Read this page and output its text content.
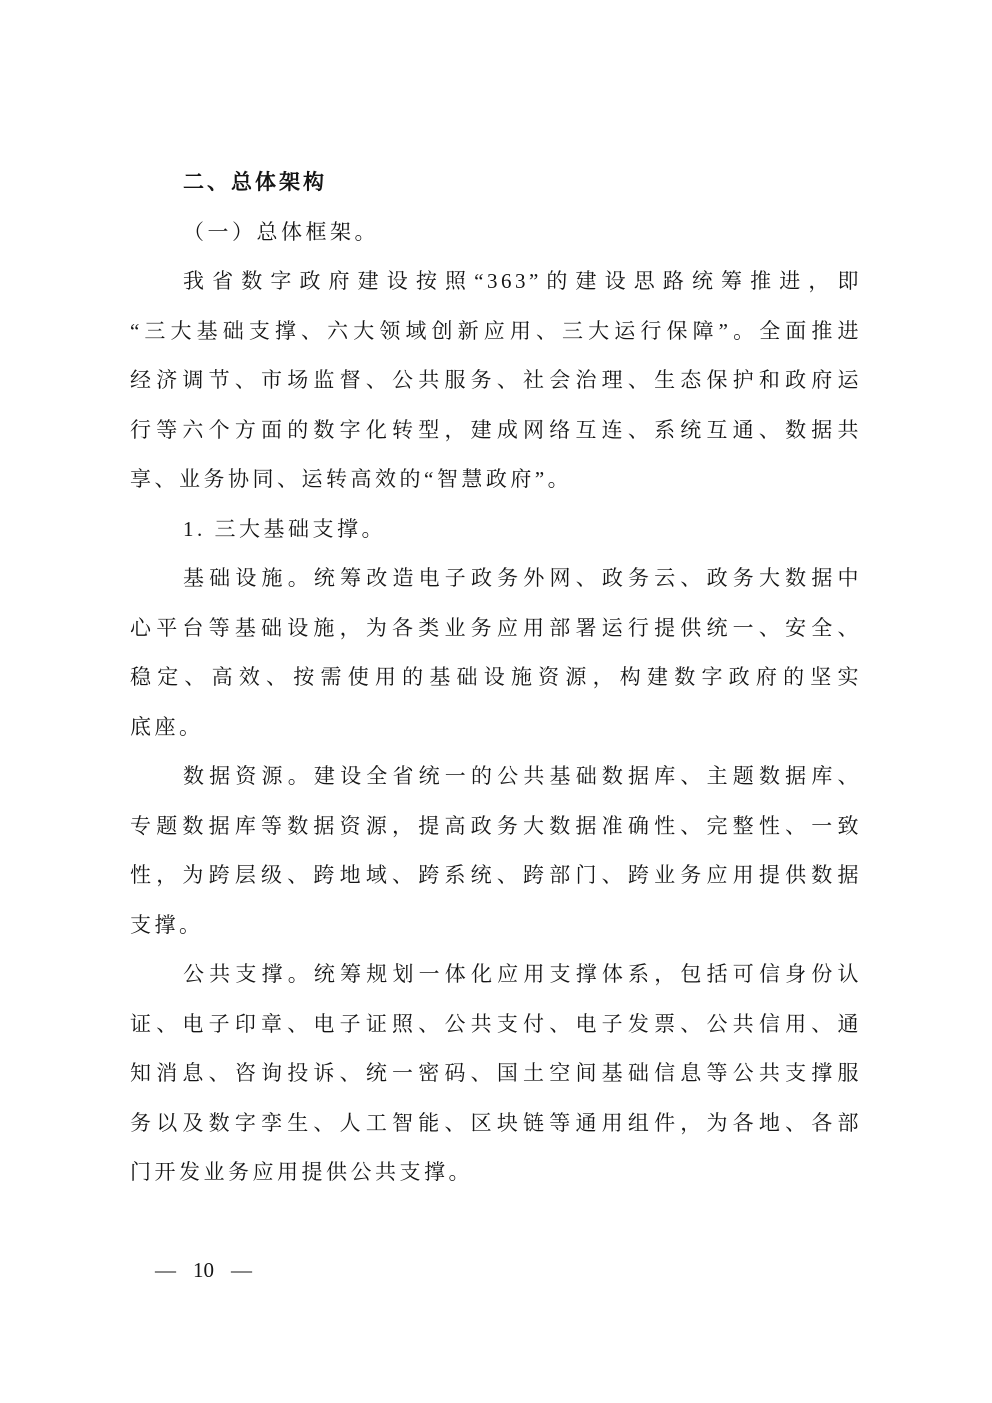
二、总体架构
（一）总体框架。
我省数字政府建设按照“363”的建设思路统筹推进，即
“三大基础支撑、六大领域创新应用、三大运行保障”。全面推进
经济调节、市场监督、公共服务、社会治理、生态保护和政府运
行等六个方面的数字化转型，建成网络互连、系统互通、数据共
享、业务协同、运转高效的“智慧政府”。
1. 三大基础支撑。
基础设施。统筹改造电子政务外网、政务云、政务大数据中
心平台等基础设施，为各类业务应用部署运行提供统一、安全、
稳定、高效、按需使用的基础设施资源，构建数字政府的坚实
底座。
数据资源。建设全省统一的公共基础数据库、主题数据库、
专题数据库等数据资源，提高政务大数据准确性、完整性、一致
性，为跨层级、跨地域、跨系统、跨部门、跨业务应用提供数据
支撑。
公共支撑。统筹规划一体化应用支撑体系，包括可信身份认
证、电子印章、电子证照、公共支付、电子发票、公共信用、通
知消息、咨询投诉、统一密码、国土空间基础信息等公共支撑服
务以及数字孪生、人工智能、区块链等通用组件，为各地、各部
门开发业务应用提供公共支撑。
— 10 —
